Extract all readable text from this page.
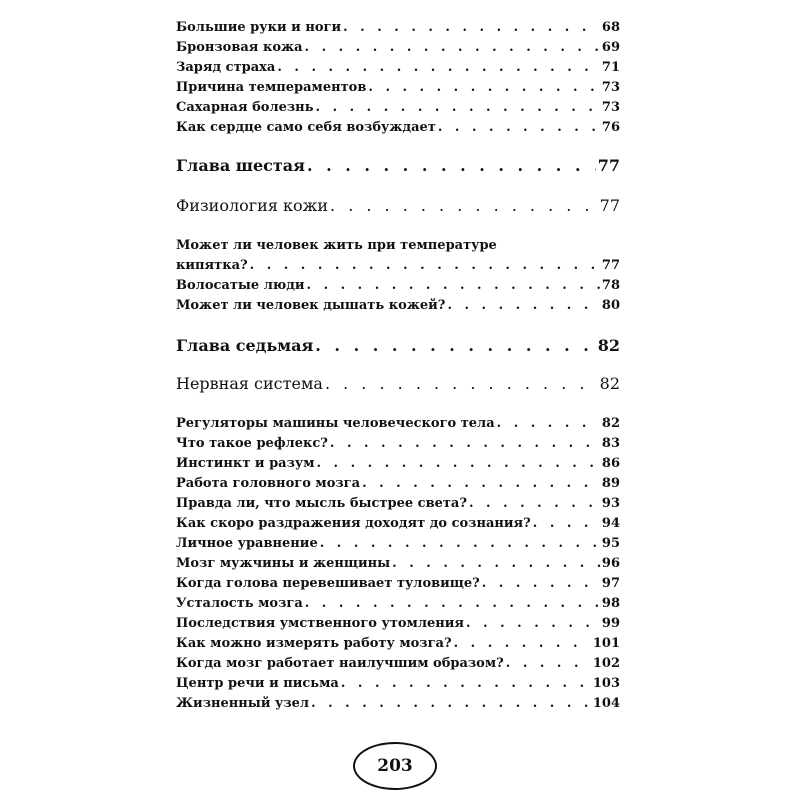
Большие руки и ноги . . .	68
Бронзовая кожа . . .	69
Заряд страха . . .	71
Причина темпераментов . . .	73
Сахарная болезнь . . .	73
Как сердце само себя возбуждает . . .	76
Глава шестая . . .	77
Физиология кожи . . .	77
Может ли человек жить при температуре
кипятка? . . .	77
Волосатые люди . . .	78
Может ли человек дышать кожей? . . .	80
Глава седьмая . . .	82
Нервная система . . .	82
Регуляторы машины человеческого тела . . .	82
Что такое рефлекс? . . .	83
Инстинкт и разум . . .	86
Работа головного мозга . . .	89
Правда ли, что мысль быстрее света? . . .	93
Как скоро раздражения доходят до сознания? . . .	94
Личное уравнение . . .	95
Мозг мужчины и женщины . . .	96
Когда голова перевешивает туловище? . . .	97
Усталость мозга . . .	98
Последствия умственного утомления . . .	99
Как можно измерять работу мозга? . . .	101
Когда мозг работает наилучшим образом? . . .	102
Центр речи и письма . . .	103
Жизненный узел . . .	104
203
